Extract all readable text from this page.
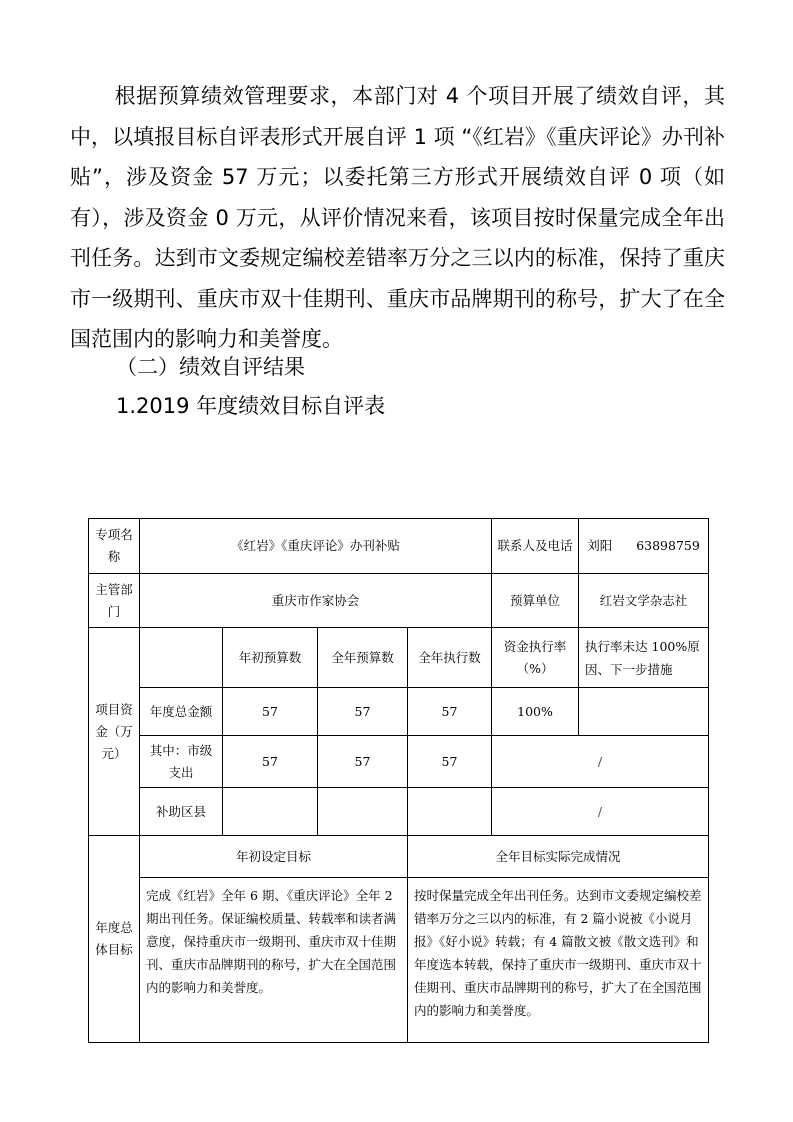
根据预算绩效管理要求，本部门对 4 个项目开展了绩效自评，其中，以填报目标自评表形式开展自评 1 项 “《红岩》《重庆评论》办刊补贴”，涉及资金 57 万元；以委托第三方形式开展绩效自评 0 项（如有），涉及资金 0 万元，从评价情况来看，该项目按时保量完成全年出刊任务。达到市文委规定编校差错率万分之三以内的标准，保持了重庆市一级期刊、重庆市双十佳期刊、重庆市品牌期刊的称号，扩大了在全国范围内的影响力和美誉度。

（二）绩效自评结果

1.2019 年度绩效目标自评表

专项名称	《红岩》《重庆评论》办刊补贴				联系人及电话	刘阳 63898759
主管部门	重庆市作家协会				预算单位	红岩文学杂志社
项目资金（万元）		年初预算数	全年预算数	全年执行数	资金执行率（%）	执行率未达 100%原因、下一步措施
	年度总金额	57	57	57	100%	
	其中：市级支出	57	57	57	/	
	补助区县				/	
年度总体目标	年初设定目标			全年目标实际完成情况		
	完成《红岩》全年 6 期、《重庆评论》全年 2 期出刊任务。保证编校质量、转载率和读者满意度，保持重庆市一级期刊、重庆市双十佳期刊、重庆市品牌期刊的称号，扩大在全国范围内的影响力和美誉度。			按时保量完成全年出刊任务。达到市文委规定编校差错率万分之三以内的标准，有 2 篇小说被《小说月报》《好小说》转载；有 4 篇散文被《散文选刊》和年度选本转载，保持了重庆市一级期刊、重庆市双十佳期刊、重庆市品牌期刊的称号，扩大了在全国范围内的影响力和美誉度。		
